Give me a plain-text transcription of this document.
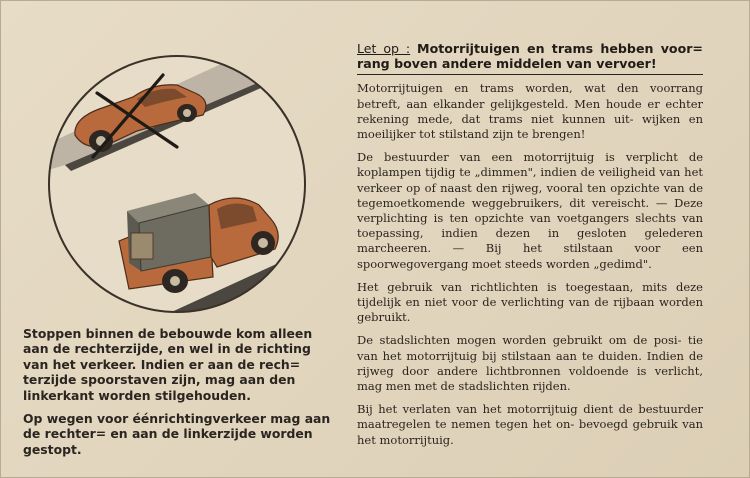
Stoppen binnen de bebouwde kom alleen aan de rechterzijde, en wel in de richting van het verkeer. Indien er aan de rech= terzijde spoorstaven zijn, mag aan den linkerkant worden stilgehouden.

Op wegen voor éénrichtingverkeer mag aan de rechter= en aan de linkerzijde worden gestopt.

Let op : Motorrijtuigen en trams hebben voor= rang boven andere middelen van vervoer!

Motorrijtuigen en trams worden, wat den voorrang betreft, aan elkander gelijkgesteld. Men houde er echter rekening mede, dat trams niet kunnen uit- wijken en moeilijker tot stilstand zijn te brengen!

De bestuurder van een motorrijtuig is verplicht de koplampen tijdig te „dimmen", indien de veiligheid van het verkeer op of naast den rijweg, vooral ten opzichte van de tegemoetkomende weggebruikers, dit vereischt. — Deze verplichting is ten opzichte van voetgangers slechts van toepassing, indien dezen in gesloten gelederen marcheeren. — Bij het stilstaan voor een spoorwegovergang moet steeds worden „gedimd".

Het gebruik van richtlichten is toegestaan, mits deze tijdelijk en niet voor de verlichting van de rijbaan worden gebruikt.

De stadslichten mogen worden gebruikt om de posi- tie van het motorrijtuig bij stilstaan aan te duiden. Indien de rijweg door andere lichtbronnen voldoende is verlicht, mag men met de stadslichten rijden.

Bij het verlaten van het motorrijtuig dient de bestuurder maatregelen te nemen tegen het on- bevoegd gebruik van het motorrijtuig.
